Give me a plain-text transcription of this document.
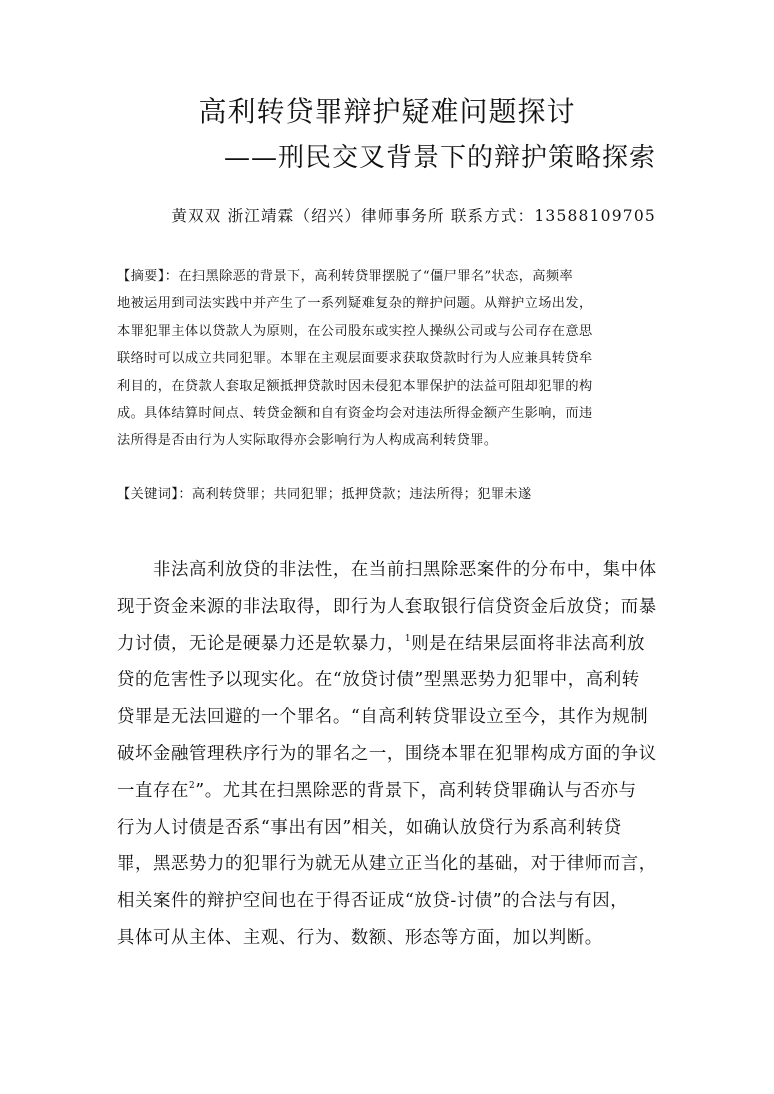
高利转贷罪辩护疑难问题探讨
——刑民交叉背景下的辩护策略探索
黄双双 浙江靖霖（绍兴）律师事务所 联系方式：13588109705
【摘要】：在扫黑除恶的背景下，高利转贷罪摆脱了“僵尸罪名”状态，高频率
地被运用到司法实践中并产生了一系列疑难复杂的辩护问题。从辩护立场出发，
本罪犯罪主体以贷款人为原则，在公司股东或实控人操纵公司或与公司存在意思
联络时可以成立共同犯罪。本罪在主观层面要求获取贷款时行为人应兼具转贷牟
利目的，在贷款人套取足额抵押贷款时因未侵犯本罪保护的法益可阻却犯罪的构
成。具体结算时间点、转贷金额和自有资金均会对违法所得金额产生影响，而违
法所得是否由行为人实际取得亦会影响行为人构成高利转贷罪。
【关键词】：高利转贷罪；共同犯罪；抵押贷款；违法所得；犯罪未遂
非法高利放贷的非法性，在当前扫黑除恶案件的分布中，集中体
现于资金来源的非法取得，即行为人套取银行信贷资金后放贷；而暴
力讨债，无论是硬暴力还是软暴力，$^1$则是在结果层面将非法高利放
贷的危害性予以现实化。在“放贷讨债”型黑恶势力犯罪中，高利转
贷罪是无法回避的一个罪名。“自高利转贷罪设立至今，其作为规制
破坏金融管理秩序行为的罪名之一，围绕本罪在犯罪构成方面的争议
一直存在$^2$”。尤其在扫黑除恶的背景下，高利转贷罪确认与否亦与
行为人讨债是否系“事出有因”相关，如确认放贷行为系高利转贷
罪，黑恶势力的犯罪行为就无从建立正当化的基础，对于律师而言，
相关案件的辩护空间也在于得否证成“放贷-讨债”的合法与有因，
具体可从主体、主观、行为、数额、形态等方面，加以判断。
